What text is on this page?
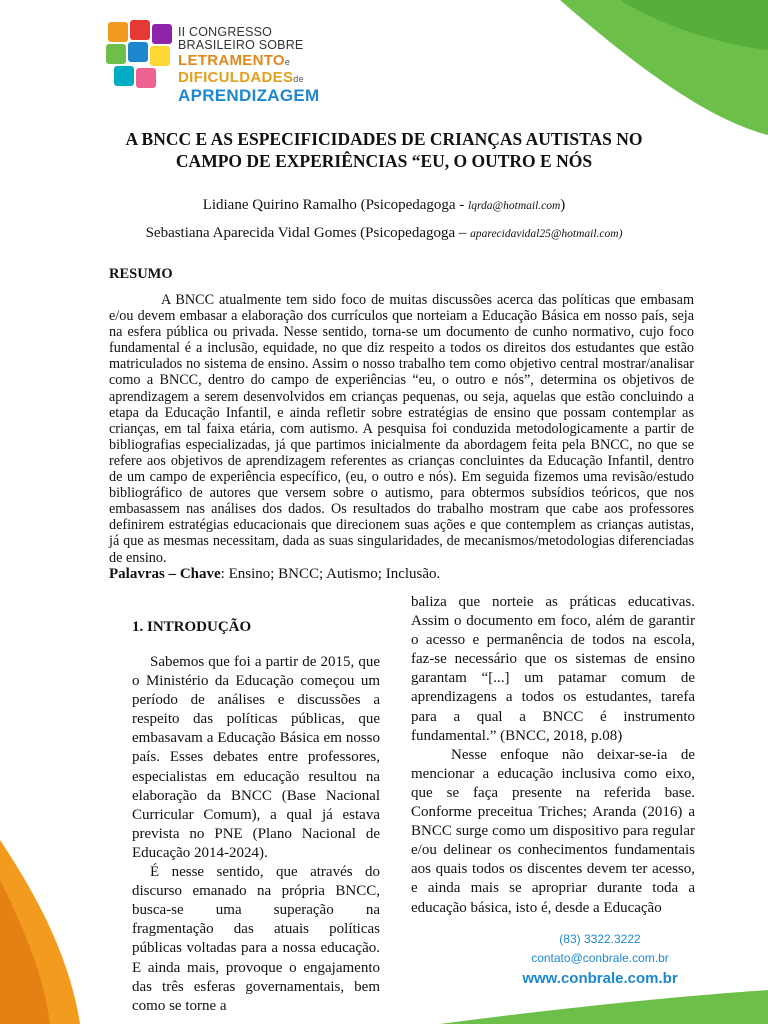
II CONGRESSO
BRASILEIRO SOBRE
LETRAMENTOe
DIFICULDADESde
APRENDIZAGEM
A BNCC E AS ESPECIFICIDADES DE CRIANÇAS AUTISTAS NO
CAMPO DE EXPERIÊNCIAS “EU, O OUTRO E NÓS
Lidiane Quirino Ramalho (Psicopedagoga - lqrda@hotmail.com)
Sebastiana Aparecida Vidal Gomes (Psicopedagoga – aparecidavidal25@hotmail.com)
RESUMO

A BNCC atualmente tem sido foco de muitas discussões acerca das políticas que embasam e/ou devem embasar a elaboração dos currículos que norteiam a Educação Básica em nosso país, seja na esfera pública ou privada. Nesse sentido, torna-se um documento de cunho normativo, cujo foco fundamental é a inclusão, equidade, no que diz respeito a todos os direitos dos estudantes que estão matriculados no sistema de ensino. Assim o nosso trabalho tem como objetivo central mostrar/analisar como a BNCC, dentro do campo de experiências “eu, o outro e nós”, determina os objetivos de aprendizagem a serem desenvolvidos em crianças pequenas, ou seja, aquelas que estão concluindo a etapa da Educação Infantil, e ainda refletir sobre estratégias de ensino que possam contemplar as crianças, em tal faixa etária, com autismo. A pesquisa foi conduzida metodologicamente a partir de bibliografias especializadas, já que partimos inicialmente da abordagem feita pela BNCC, no que se refere aos objetivos de aprendizagem referentes as crianças concluintes da Educação Infantil, dentro de um campo de experiência específico, (eu, o outro e nós). Em seguida fizemos uma revisão/estudo bibliográfico de autores que versem sobre o autismo, para obtermos subsídios teóricos, que nos embasassem nas análises dos dados. Os resultados do trabalho mostram que cabe aos professores definirem estratégias educacionais que direcionem suas ações e que contemplem as crianças autistas, já que as mesmas necessitam, dada as suas singularidades, de mecanismos/metodologias diferenciadas de ensino.

Palavras – Chave: Ensino; BNCC; Autismo; Inclusão.
1. INTRODUÇÃO

Sabemos que foi a partir de 2015, que o Ministério da Educação começou um período de análises e discussões a respeito das políticas públicas, que embasavam a Educação Básica em nosso país. Esses debates entre professores, especialistas em educação resultou na elaboração da BNCC (Base Nacional Curricular Comum), a qual já estava prevista no PNE (Plano Nacional de Educação 2014-2024).

É nesse sentido, que através do discurso emanado na própria BNCC, busca-se uma superação na fragmentação das atuais políticas públicas voltadas para a nossa educação. E ainda mais, provoque o engajamento das três esferas governamentais, bem como se torne a

baliza que norteie as práticas educativas. Assim o documento em foco, além de garantir o acesso e permanência de todos na escola, faz-se necessário que os sistemas de ensino garantam “[...] um patamar comum de aprendizagens a todos os estudantes, tarefa para a qual a BNCC é instrumento fundamental.” (BNCC, 2018, p.08)

Nesse enfoque não deixar-se-ia de mencionar a educação inclusiva como eixo, que se faça presente na referida base. Conforme preceitua Triches; Aranda (2016) a BNCC surge como um dispositivo para regular e/ou delinear os conhecimentos fundamentais aos quais todos os discentes devem ter acesso, e ainda mais se apropriar durante toda a educação básica, isto é, desde a Educação

(83) 3322.3222
contato@conbrale.com.br
www.conbrale.com.br
